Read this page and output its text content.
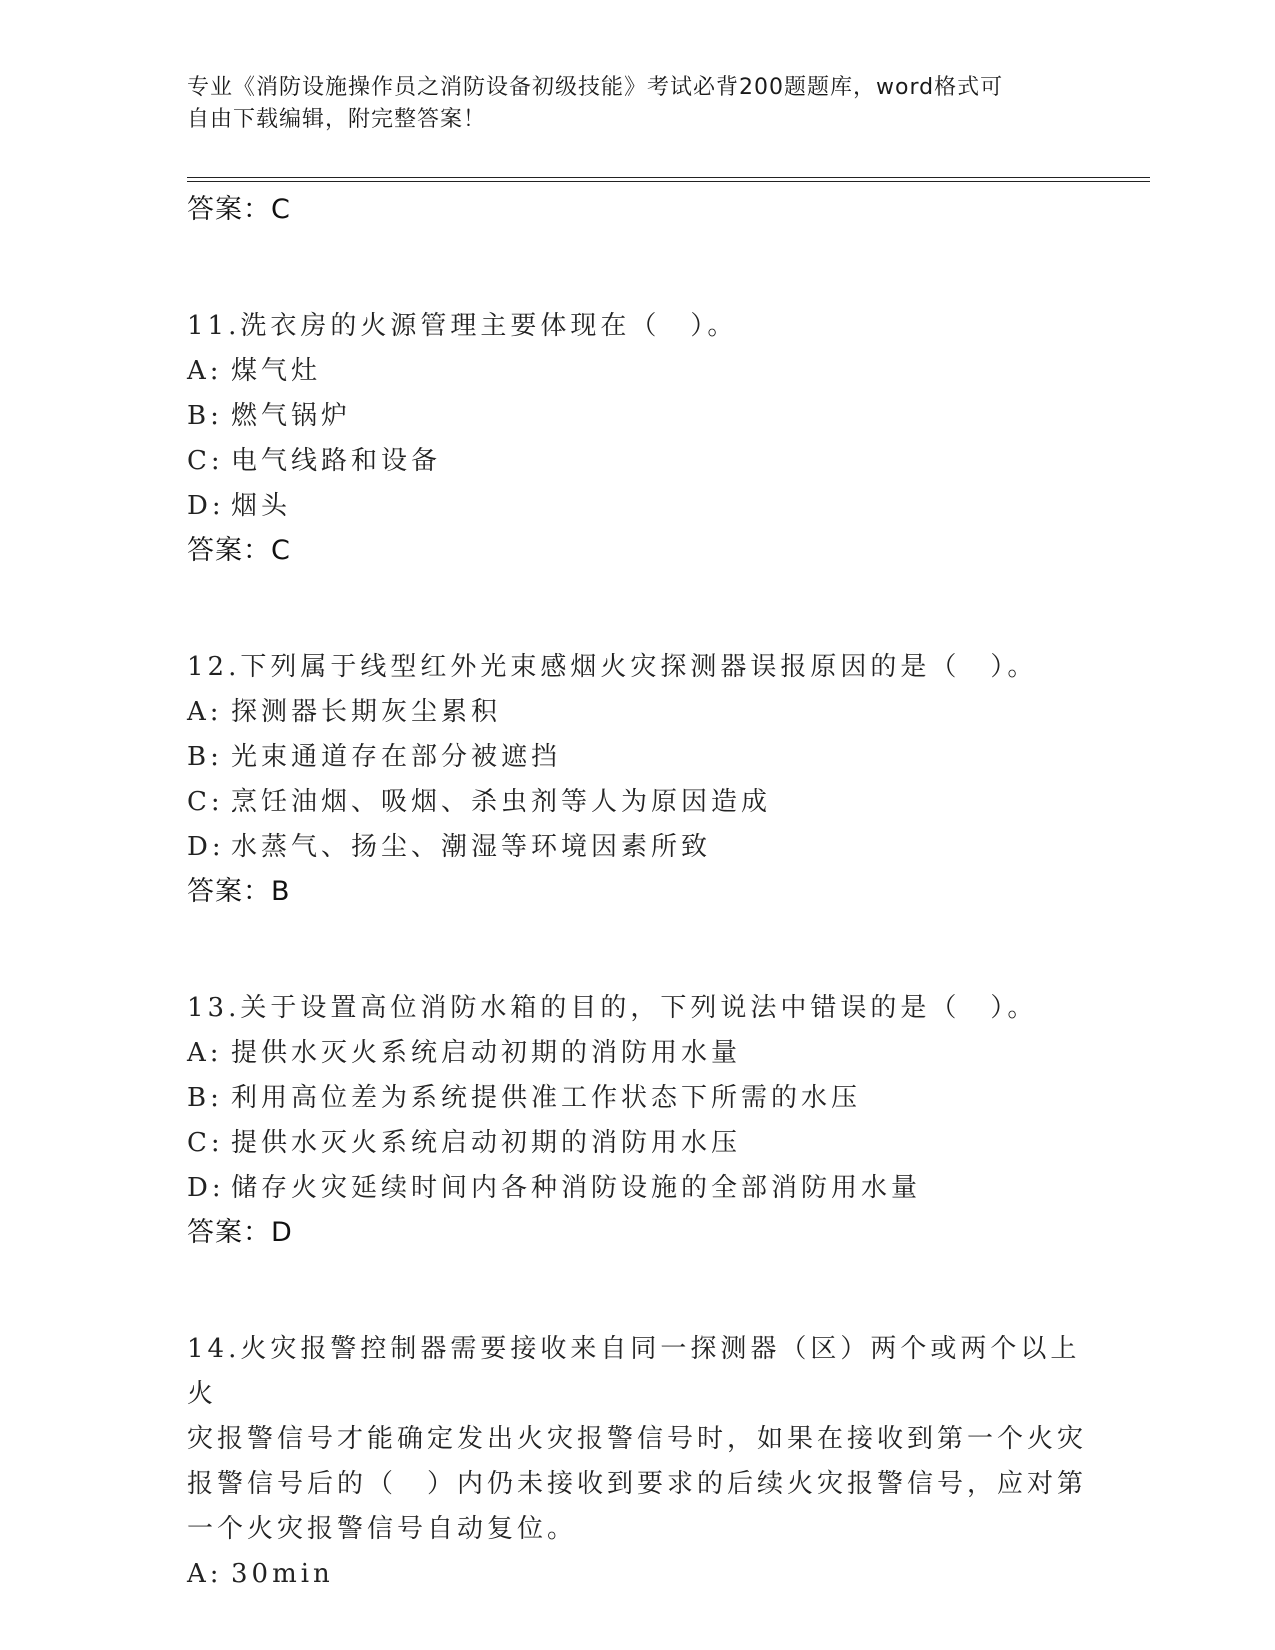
专业《消防设施操作员之消防设备初级技能》考试必背200题题库，word格式可
自由下载编辑，附完整答案！
答案：C
11.洗衣房的火源管理主要体现在（　）。
A: 煤气灶
B: 燃气锅炉
C: 电气线路和设备
D: 烟头
答案：C
12.下列属于线型红外光束感烟火灾探测器误报原因的是（　）。
A: 探测器长期灰尘累积
B: 光束通道存在部分被遮挡
C: 烹饪油烟、吸烟、杀虫剂等人为原因造成
D: 水蒸气、扬尘、潮湿等环境因素所致
答案：B
13.关于设置高位消防水箱的目的，下列说法中错误的是（　）。
A: 提供水灭火系统启动初期的消防用水量
B: 利用高位差为系统提供准工作状态下所需的水压
C: 提供水灭火系统启动初期的消防用水压
D: 储存火灾延续时间内各种消防设施的全部消防用水量
答案：D
14.火灾报警控制器需要接收来自同一探测器（区）两个或两个以上火
灾报警信号才能确定发出火灾报警信号时，如果在接收到第一个火灾
报警信号后的（　）内仍未接收到要求的后续火灾报警信号，应对第
一个火灾报警信号自动复位。
A: 30min
